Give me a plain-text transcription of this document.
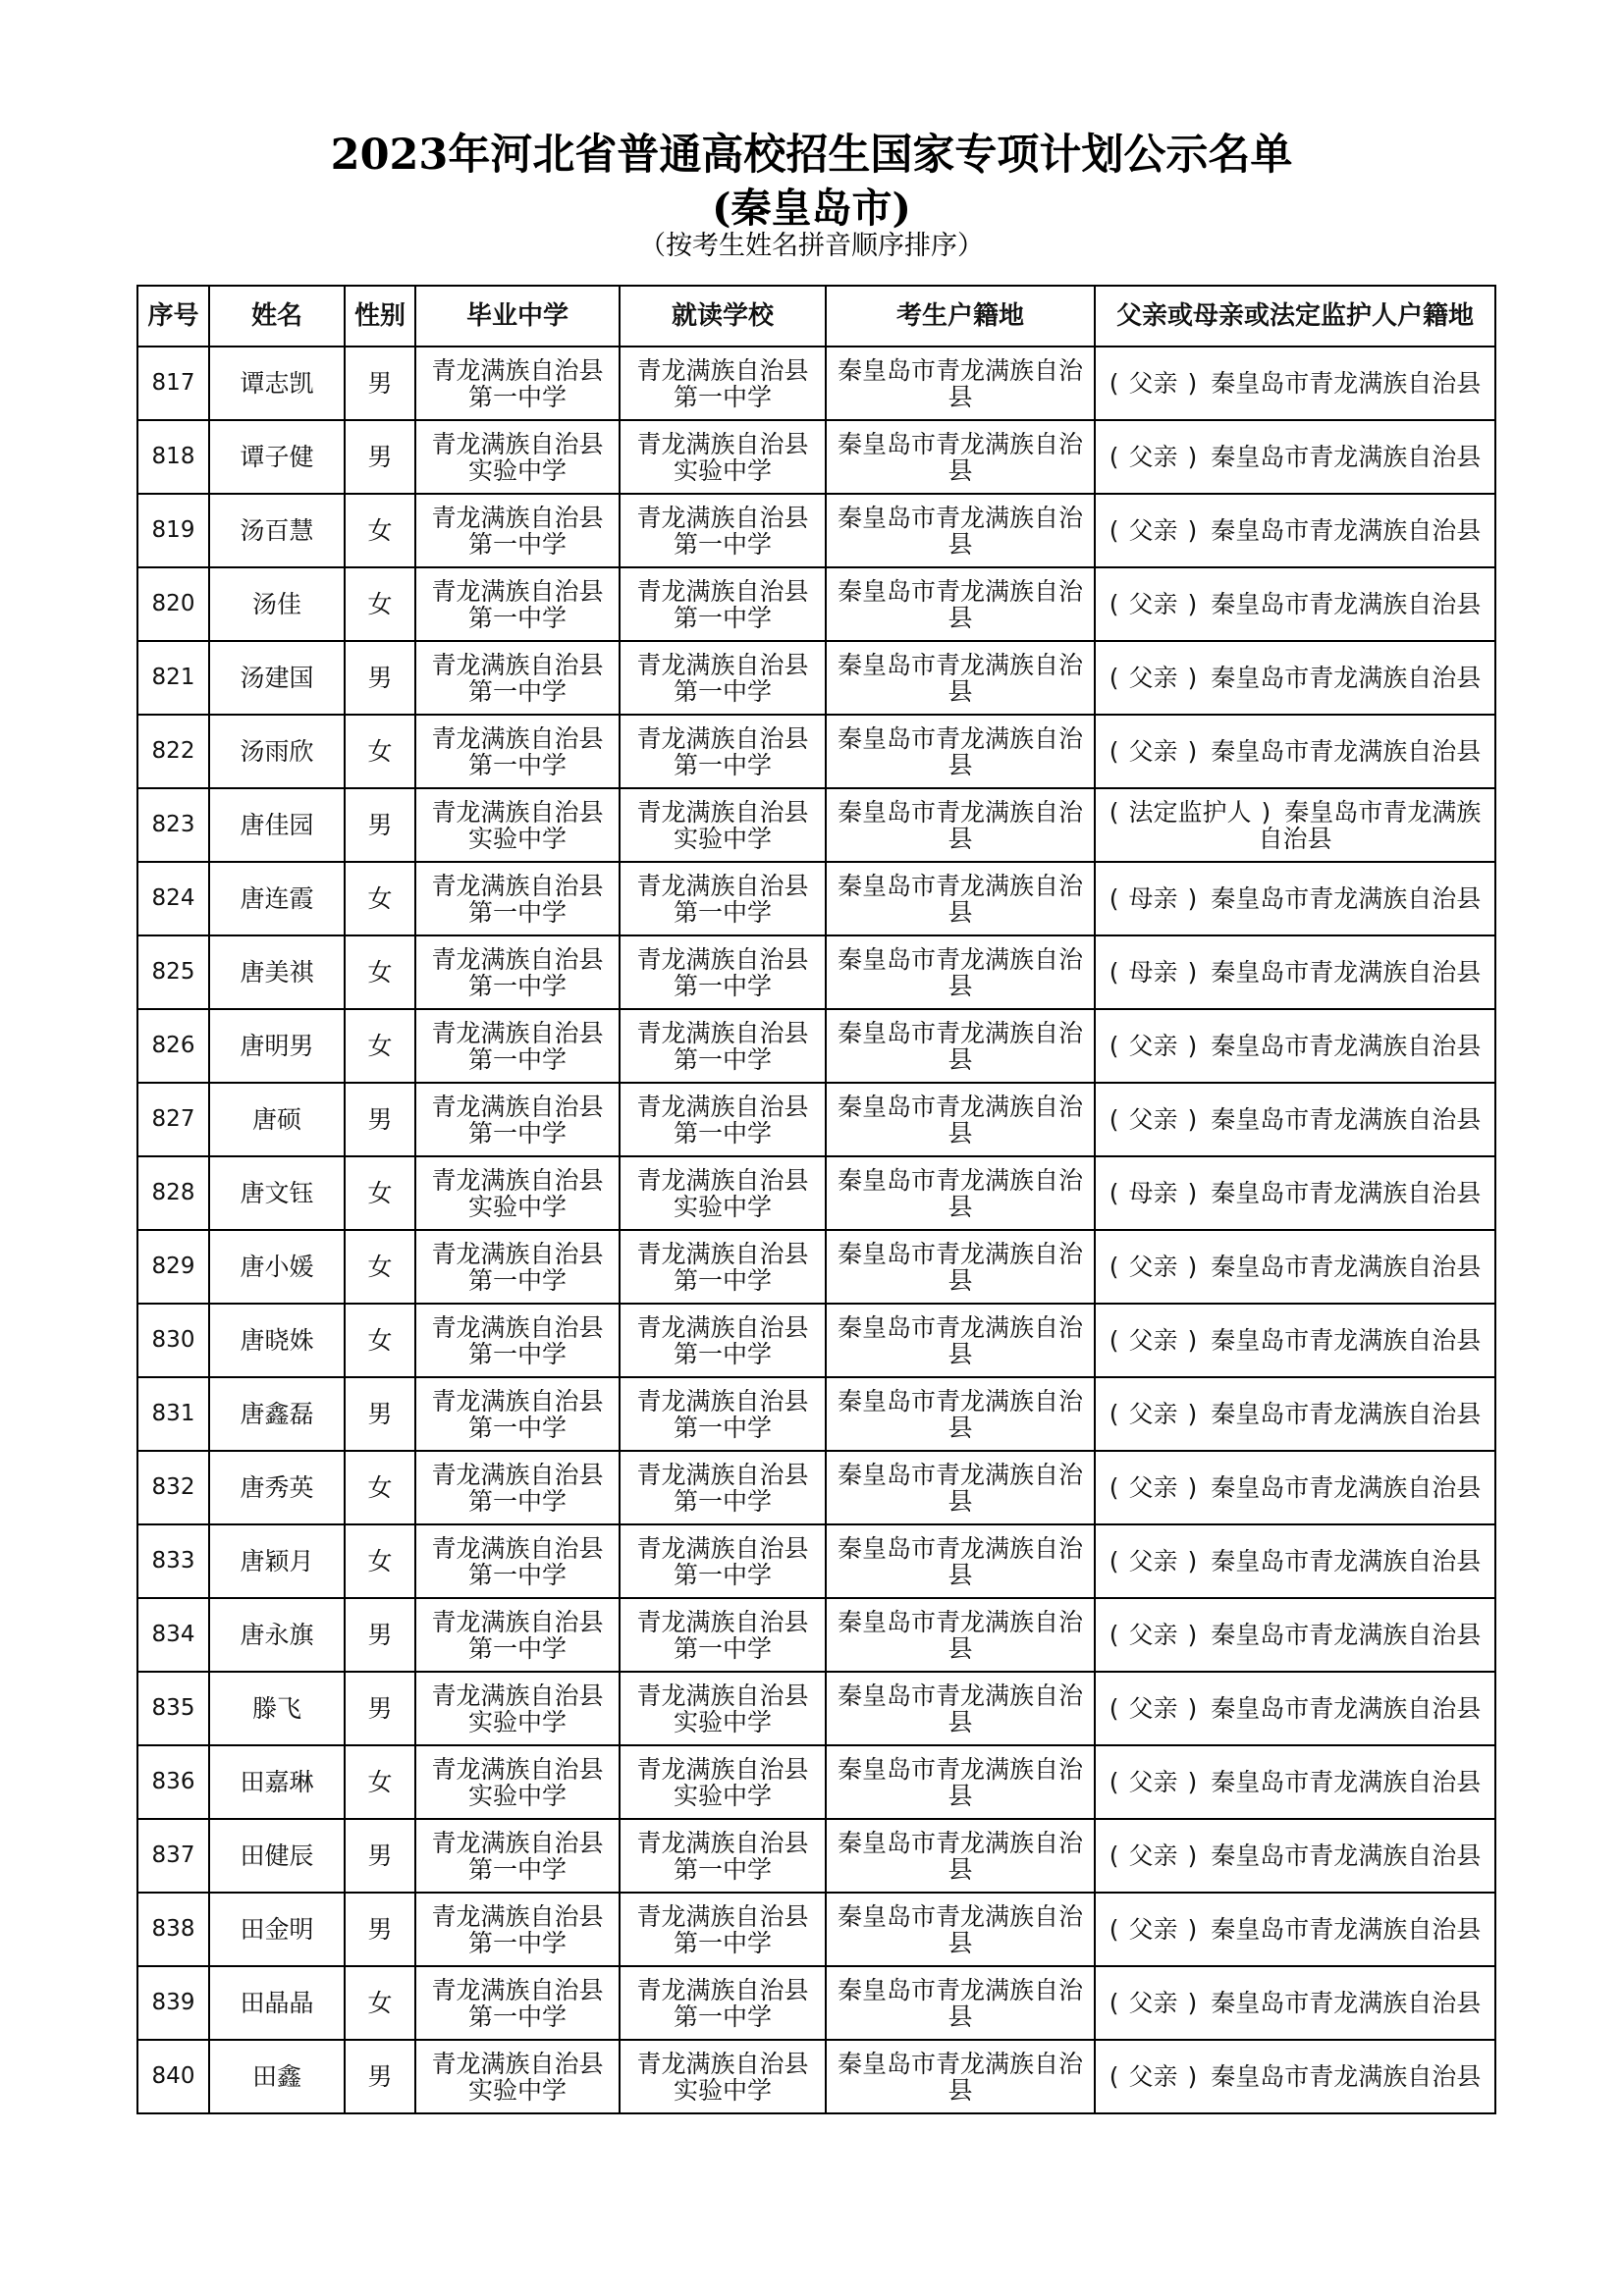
2023年河北省普通高校招生国家专项计划公示名单
(秦皇岛市)
（按考生姓名拼音顺序排序）
序号	姓名	性别	毕业中学	就读学校	考生户籍地	父亲或母亲或法定监护人户籍地
817	谭志凯	男	青龙满族自治县第一中学	青龙满族自治县第一中学	秦皇岛市青龙满族自治县	( 父亲 ) 秦皇岛市青龙满族自治县
818	谭子健	男	青龙满族自治县实验中学	青龙满族自治县实验中学	秦皇岛市青龙满族自治县	( 父亲 ) 秦皇岛市青龙满族自治县
819	汤百慧	女	青龙满族自治县第一中学	青龙满族自治县第一中学	秦皇岛市青龙满族自治县	( 父亲 ) 秦皇岛市青龙满族自治县
820	汤佳	女	青龙满族自治县第一中学	青龙满族自治县第一中学	秦皇岛市青龙满族自治县	( 父亲 ) 秦皇岛市青龙满族自治县
821	汤建国	男	青龙满族自治县第一中学	青龙满族自治县第一中学	秦皇岛市青龙满族自治县	( 父亲 ) 秦皇岛市青龙满族自治县
822	汤雨欣	女	青龙满族自治县第一中学	青龙满族自治县第一中学	秦皇岛市青龙满族自治县	( 父亲 ) 秦皇岛市青龙满族自治县
823	唐佳园	男	青龙满族自治县实验中学	青龙满族自治县实验中学	秦皇岛市青龙满族自治县	( 法定监护人 ) 秦皇岛市青龙满族自治县
824	唐连霞	女	青龙满族自治县第一中学	青龙满族自治县第一中学	秦皇岛市青龙满族自治县	( 母亲 ) 秦皇岛市青龙满族自治县
825	唐美祺	女	青龙满族自治县第一中学	青龙满族自治县第一中学	秦皇岛市青龙满族自治县	( 母亲 ) 秦皇岛市青龙满族自治县
826	唐明男	女	青龙满族自治县第一中学	青龙满族自治县第一中学	秦皇岛市青龙满族自治县	( 父亲 ) 秦皇岛市青龙满族自治县
827	唐硕	男	青龙满族自治县第一中学	青龙满族自治县第一中学	秦皇岛市青龙满族自治县	( 父亲 ) 秦皇岛市青龙满族自治县
828	唐文钰	女	青龙满族自治县实验中学	青龙满族自治县实验中学	秦皇岛市青龙满族自治县	( 母亲 ) 秦皇岛市青龙满族自治县
829	唐小媛	女	青龙满族自治县第一中学	青龙满族自治县第一中学	秦皇岛市青龙满族自治县	( 父亲 ) 秦皇岛市青龙满族自治县
830	唐晓姝	女	青龙满族自治县第一中学	青龙满族自治县第一中学	秦皇岛市青龙满族自治县	( 父亲 ) 秦皇岛市青龙满族自治县
831	唐鑫磊	男	青龙满族自治县第一中学	青龙满族自治县第一中学	秦皇岛市青龙满族自治县	( 父亲 ) 秦皇岛市青龙满族自治县
832	唐秀英	女	青龙满族自治县第一中学	青龙满族自治县第一中学	秦皇岛市青龙满族自治县	( 父亲 ) 秦皇岛市青龙满族自治县
833	唐颖月	女	青龙满族自治县第一中学	青龙满族自治县第一中学	秦皇岛市青龙满族自治县	( 父亲 ) 秦皇岛市青龙满族自治县
834	唐永旗	男	青龙满族自治县第一中学	青龙满族自治县第一中学	秦皇岛市青龙满族自治县	( 父亲 ) 秦皇岛市青龙满族自治县
835	滕飞	男	青龙满族自治县实验中学	青龙满族自治县实验中学	秦皇岛市青龙满族自治县	( 父亲 ) 秦皇岛市青龙满族自治县
836	田嘉琳	女	青龙满族自治县实验中学	青龙满族自治县实验中学	秦皇岛市青龙满族自治县	( 父亲 ) 秦皇岛市青龙满族自治县
837	田健辰	男	青龙满族自治县第一中学	青龙满族自治县第一中学	秦皇岛市青龙满族自治县	( 父亲 ) 秦皇岛市青龙满族自治县
838	田金明	男	青龙满族自治县第一中学	青龙满族自治县第一中学	秦皇岛市青龙满族自治县	( 父亲 ) 秦皇岛市青龙满族自治县
839	田晶晶	女	青龙满族自治县第一中学	青龙满族自治县第一中学	秦皇岛市青龙满族自治县	( 父亲 ) 秦皇岛市青龙满族自治县
840	田鑫	男	青龙满族自治县实验中学	青龙满族自治县实验中学	秦皇岛市青龙满族自治县	( 父亲 ) 秦皇岛市青龙满族自治县
